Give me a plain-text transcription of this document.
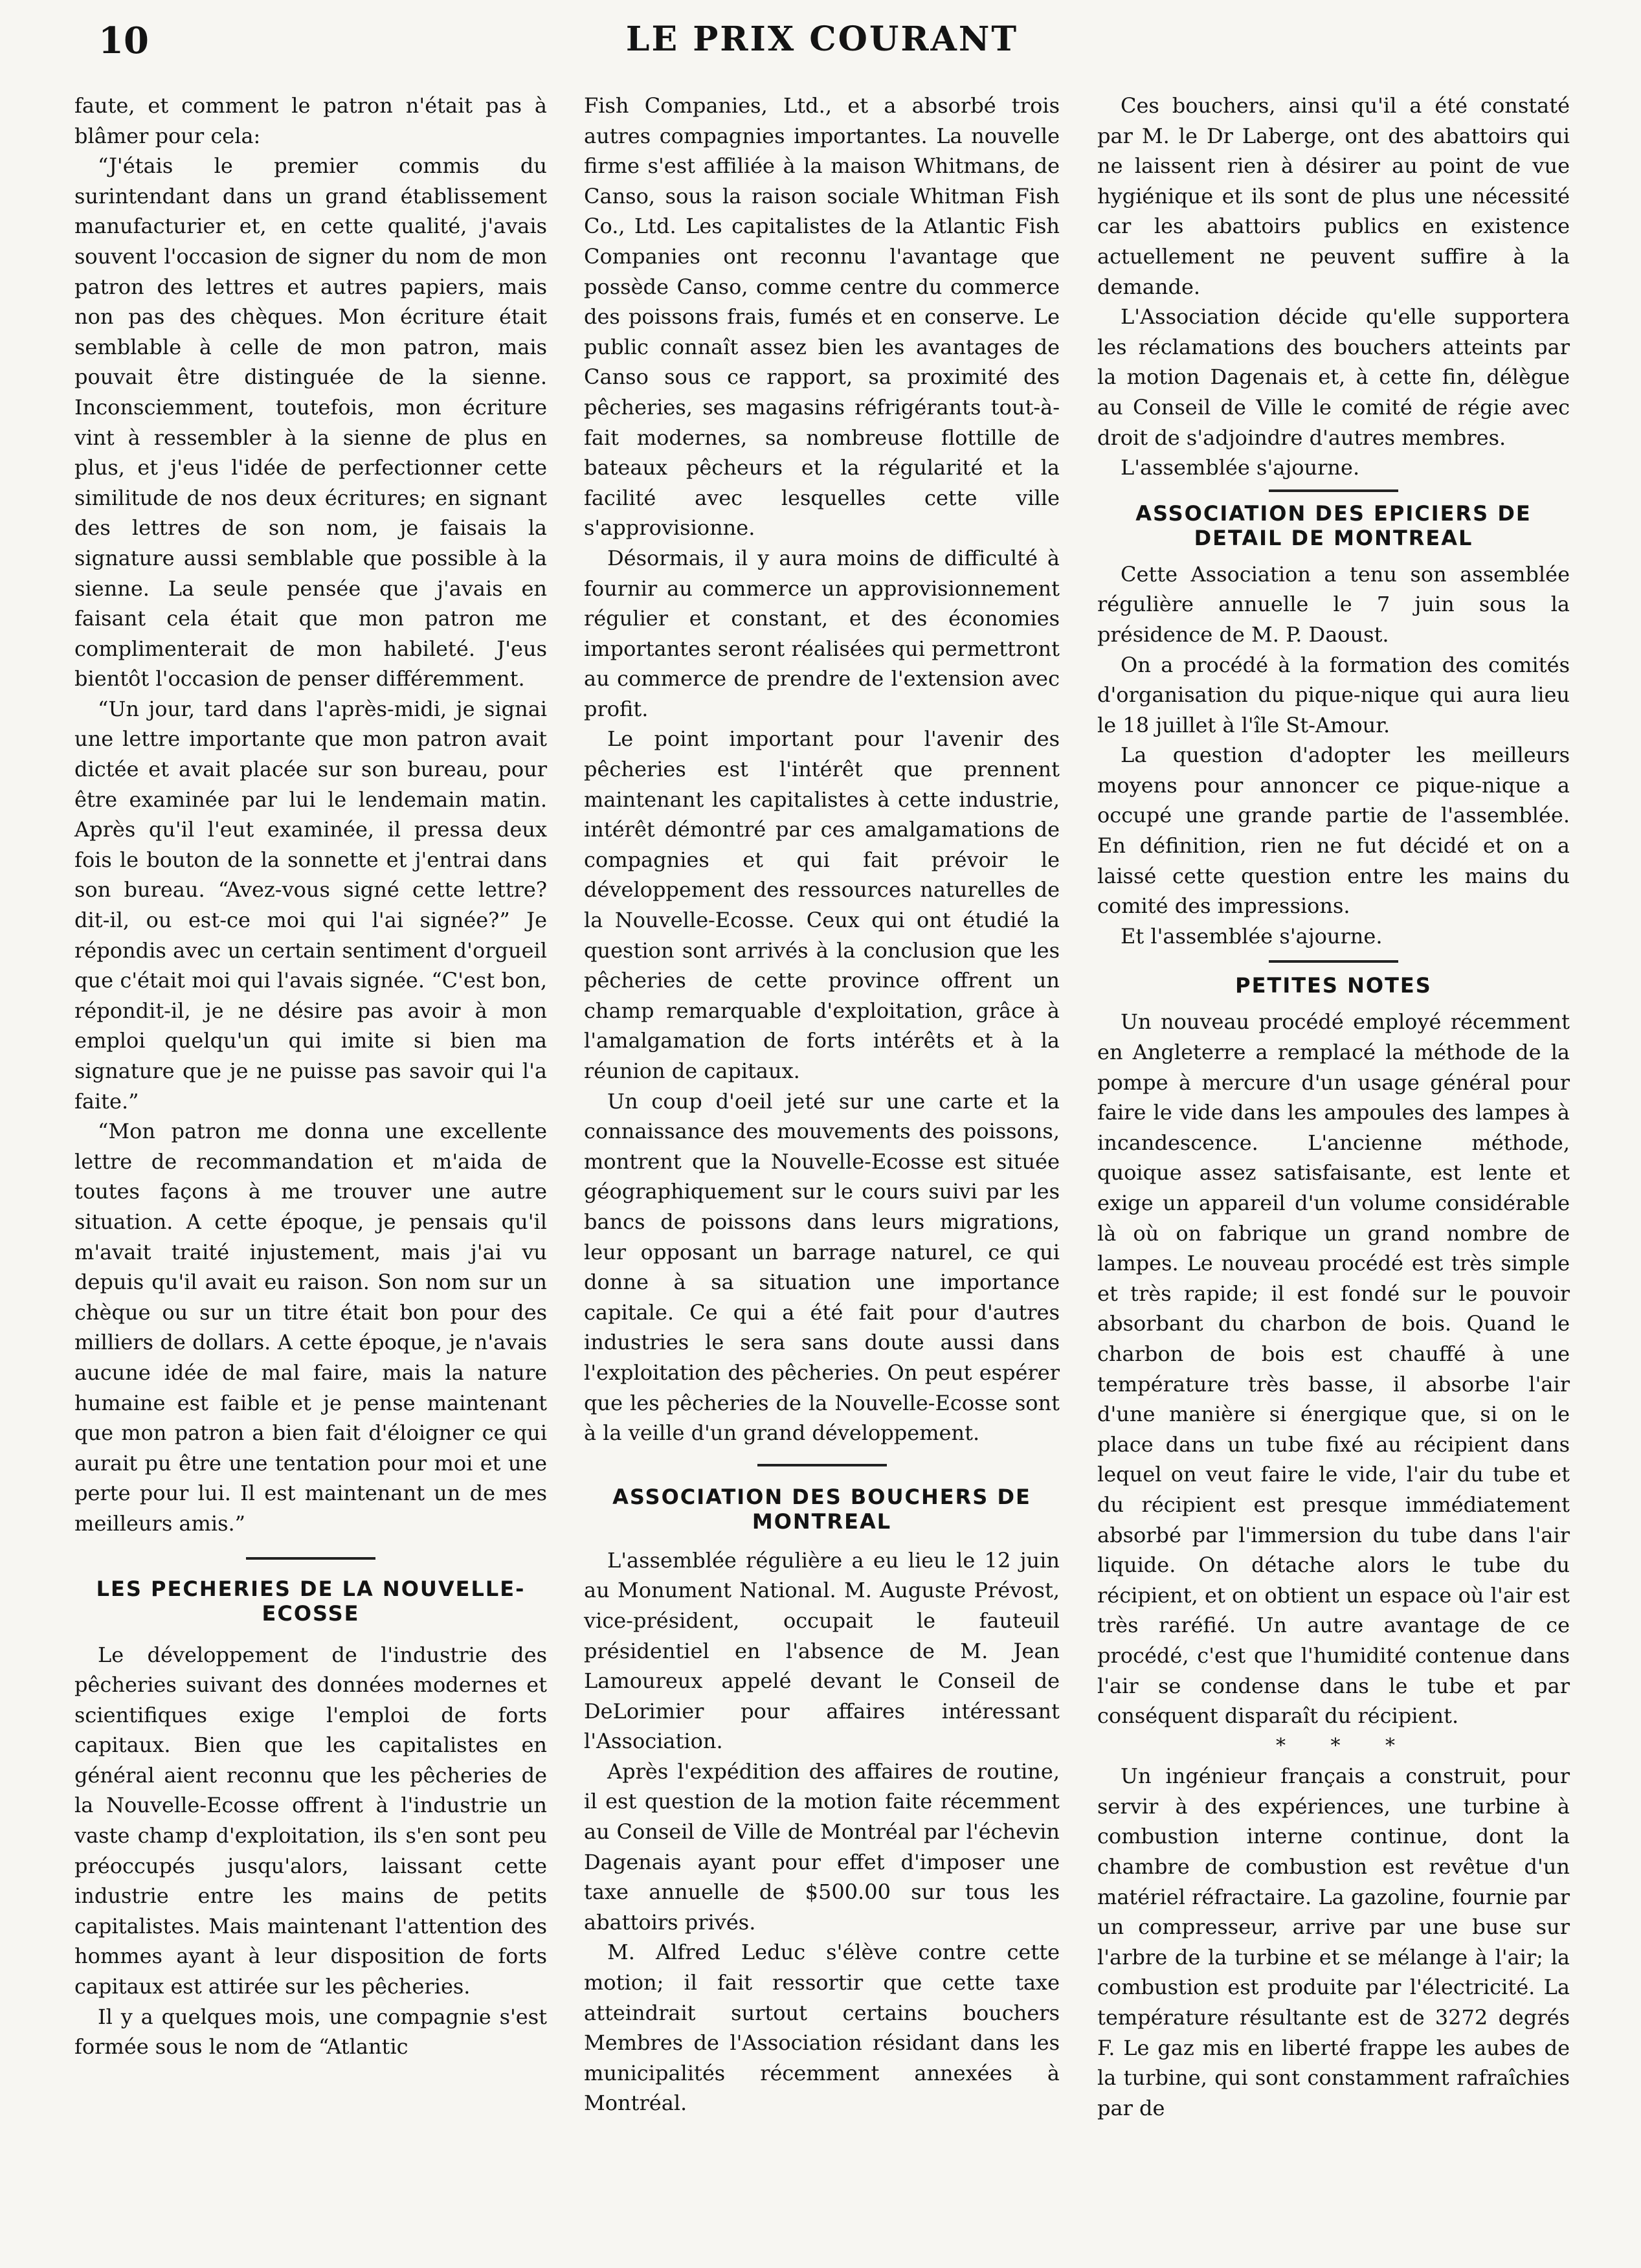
10	LE PRIX COURANT

faute, et comment le patron n'était pas à blâmer pour cela:

“J'étais le premier commis du surintendant dans un grand établissement manufacturier et, en cette qualité, j'avais souvent l'occasion de signer du nom de mon patron des lettres et autres papiers, mais non pas des chèques. Mon écriture était semblable à celle de mon patron, mais pouvait être distinguée de la sienne. Inconsciemment, toutefois, mon écriture vint à ressembler à la sienne de plus en plus, et j'eus l'idée de perfectionner cette similitude de nos deux écritures; en signant des lettres de son nom, je faisais la signature aussi semblable que possible à la sienne. La seule pensée que j'avais en faisant cela était que mon patron me complimenterait de mon habileté. J'eus bientôt l'occasion de penser différemment.

“Un jour, tard dans l'après-midi, je signai une lettre importante que mon patron avait dictée et avait placée sur son bureau, pour être examinée par lui le lendemain matin. Après qu'il l'eut examinée, il pressa deux fois le bouton de la sonnette et j'entrai dans son bureau. “Avez-vous signé cette lettre? dit-il, ou est-ce moi qui l'ai signée?” Je répondis avec un certain sentiment d'orgueil que c'était moi qui l'avais signée. “C'est bon, répondit-il, je ne désire pas avoir à mon emploi quelqu'un qui imite si bien ma signature que je ne puisse pas savoir qui l'a faite.”

“Mon patron me donna une excellente lettre de recommandation et m'aida de toutes façons à me trouver une autre situation. A cette époque, je pensais qu'il m'avait traité injustement, mais j'ai vu depuis qu'il avait eu raison. Son nom sur un chèque ou sur un titre était bon pour des milliers de dollars. A cette époque, je n'avais aucune idée de mal faire, mais la nature humaine est faible et je pense maintenant que mon patron a bien fait d'éloigner ce qui aurait pu être une tentation pour moi et une perte pour lui. Il est maintenant un de mes meilleurs amis.”

LES PECHERIES DE LA NOUVELLE-ECOSSE

Le développement de l'industrie des pêcheries suivant des données modernes et scientifiques exige l'emploi de forts capitaux. Bien que les capitalistes en général aient reconnu que les pêcheries de la Nouvelle-Ecosse offrent à l'industrie un vaste champ d'exploitation, ils s'en sont peu préoccupés jusqu'alors, laissant cette industrie entre les mains de petits capitalistes. Mais maintenant l'attention des hommes ayant à leur disposition de forts capitaux est attirée sur les pêcheries.

Il y a quelques mois, une compagnie s'est formée sous le nom de “Atlantic

Fish Companies, Ltd., et a absorbé trois autres compagnies importantes. La nouvelle firme s'est affiliée à la maison Whitmans, de Canso, sous la raison sociale Whitman Fish Co., Ltd. Les capitalistes de la Atlantic Fish Companies ont reconnu l'avantage que possède Canso, comme centre du commerce des poissons frais, fumés et en conserve. Le public connaît assez bien les avantages de Canso sous ce rapport, sa proximité des pêcheries, ses magasins réfrigérants tout-à-fait modernes, sa nombreuse flottille de bateaux pêcheurs et la régularité et la facilité avec lesquelles cette ville s'approvisionne.

Désormais, il y aura moins de difficulté à fournir au commerce un approvisionnement régulier et constant, et des économies importantes seront réalisées qui permettront au commerce de prendre de l'extension avec profit.

Le point important pour l'avenir des pêcheries est l'intérêt que prennent maintenant les capitalistes à cette industrie, intérêt démontré par ces amalgamations de compagnies et qui fait prévoir le développement des ressources naturelles de la Nouvelle-Ecosse. Ceux qui ont étudié la question sont arrivés à la conclusion que les pêcheries de cette province offrent un champ remarquable d'exploitation, grâce à l'amalgamation de forts intérêts et à la réunion de capitaux.

Un coup d'oeil jeté sur une carte et la connaissance des mouvements des poissons, montrent que la Nouvelle-Ecosse est située géographiquement sur le cours suivi par les bancs de poissons dans leurs migrations, leur opposant un barrage naturel, ce qui donne à sa situation une importance capitale. Ce qui a été fait pour d'autres industries le sera sans doute aussi dans l'exploitation des pêcheries. On peut espérer que les pêcheries de la Nouvelle-Ecosse sont à la veille d'un grand développement.

ASSOCIATION DES BOUCHERS DE MONTREAL

L'assemblée régulière a eu lieu le 12 juin au Monument National. M. Auguste Prévost, vice-président, occupait le fauteuil présidentiel en l'absence de M. Jean Lamoureux appelé devant le Conseil de DeLorimier pour affaires intéressant l'Association.

Après l'expédition des affaires de routine, il est question de la motion faite récemment au Conseil de Ville de Montréal par l'échevin Dagenais ayant pour effet d'imposer une taxe annuelle de $500.00 sur tous les abattoirs privés.

M. Alfred Leduc s'élève contre cette motion; il fait ressortir que cette taxe atteindrait surtout certains bouchers Membres de l'Association résidant dans les municipalités récemment annexées à Montréal.

Ces bouchers, ainsi qu'il a été constaté par M. le Dr Laberge, ont des abattoirs qui ne laissent rien à désirer au point de vue hygiénique et ils sont de plus une nécessité car les abattoirs publics en existence actuellement ne peuvent suffire à la demande.

L'Association décide qu'elle supportera les réclamations des bouchers atteints par la motion Dagenais et, à cette fin, délègue au Conseil de Ville le comité de régie avec droit de s'adjoindre d'autres membres.

L'assemblée s'ajourne.

ASSOCIATION DES EPICIERS DE DETAIL DE MONTREAL

Cette Association a tenu son assemblée régulière annuelle le 7 juin sous la présidence de M. P. Daoust.

On a procédé à la formation des comités d'organisation du pique-nique qui aura lieu le 18 juillet à l'île St-Amour.

La question d'adopter les meilleurs moyens pour annoncer ce pique-nique a occupé une grande partie de l'assemblée. En définition, rien ne fut décidé et on a laissé cette question entre les mains du comité des impressions.

Et l'assemblée s'ajourne.

PETITES NOTES

Un nouveau procédé employé récemment en Angleterre a remplacé la méthode de la pompe à mercure d'un usage général pour faire le vide dans les ampoules des lampes à incandescence. L'ancienne méthode, quoique assez satisfaisante, est lente et exige un appareil d'un volume considérable là où on fabrique un grand nombre de lampes. Le nouveau procédé est très simple et très rapide; il est fondé sur le pouvoir absorbant du charbon de bois. Quand le charbon de bois est chauffé à une température très basse, il absorbe l'air d'une manière si énergique que, si on le place dans un tube fixé au récipient dans lequel on veut faire le vide, l'air du tube et du récipient est presque immédiatement absorbé par l'immersion du tube dans l'air liquide. On détache alors le tube du récipient, et on obtient un espace où l'air est très raréfié. Un autre avantage de ce procédé, c'est que l'humidité contenue dans l'air se condense dans le tube et par conséquent disparaît du récipient.

* * *

Un ingénieur français a construit, pour servir à des expériences, une turbine à combustion interne continue, dont la chambre de combustion est revêtue d'un matériel réfractaire. La gazoline, fournie par un compresseur, arrive par une buse sur l'arbre de la turbine et se mélange à l'air; la combustion est produite par l'électricité. La température résultante est de 3272 degrés F. Le gaz mis en liberté frappe les aubes de la turbine, qui sont constamment rafraîchies par de
